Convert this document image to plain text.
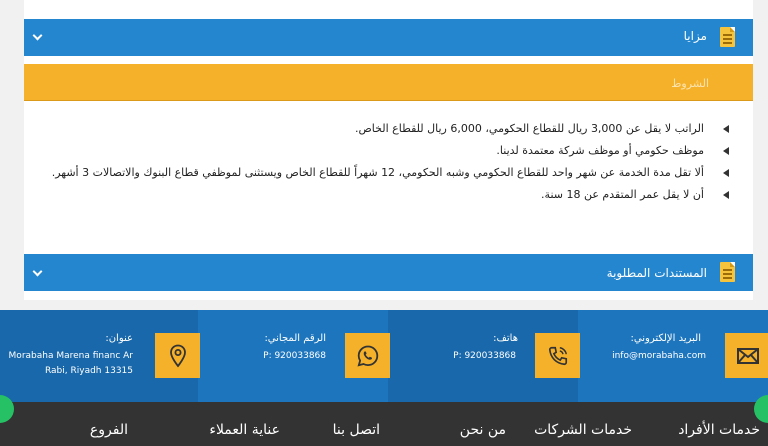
مزايا
الشروط
الراتب لا يقل عن 3,000 ريال للقطاع الحكومي، 6,000 ريال للقطاع الخاص.
موظف حكومي أو موظف شركة معتمدة لدينا.
ألا تقل مدة الخدمة عن شهر واحد للقطاع الحكومي وشبه الحكومي، 12 شهراً للقطاع الخاص ويستثنى لموظفي قطاع البنوك والاتصالات 3 أشهر.
أن لا يقل عمر المتقدم عن 18 سنة.
المستندات المطلوبة
البريد الإلكتروني:
info@morabaha.com
هاتف:
P: 920033868
الرقم المجاني:
P: 920033868
عنوان:
Morabaha Marena financ Ar
Rabi, Riyadh 13315
خدمات الأفراد
خدمات الشركات
من نحن
اتصل بنا
عناية العملاء
الفروع
